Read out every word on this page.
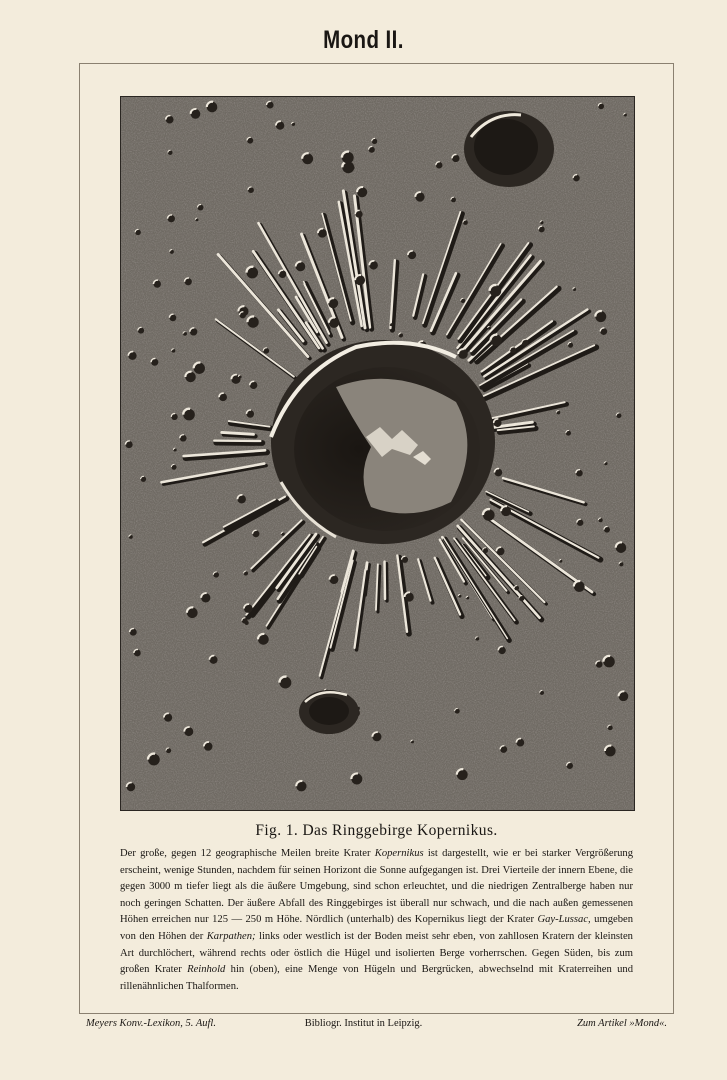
Mond II.
Fig. 1. Das Ringgebirge Kopernikus.

Der große, gegen 12 geographische Meilen breite Krater Kopernikus ist dargestellt, wie er bei starker Vergrößerung erscheint, wenige Stunden, nachdem für seinen Horizont die Sonne aufgegangen ist. Drei Vierteile der innern Ebene, die gegen 3000 m tiefer liegt als die äußere Umgebung, sind schon erleuchtet, und die niedrigen Zentralberge haben nur noch geringen Schatten. Der äußere Abfall des Ringgebirges ist überall nur schwach, und die nach außen gemessenen Höhen erreichen nur 125 — 250 m Höhe. Nördlich (unterhalb) des Kopernikus liegt der Krater Gay-Lussac, umgeben von den Höhen der Karpathen; links oder westlich ist der Boden meist sehr eben, von zahllosen Kratern der kleinsten Art durchlöchert, während rechts oder östlich die Hügel und isolierten Berge vorherrschen. Gegen Süden, bis zum großen Krater Reinhold hin (oben), eine Menge von Hügeln und Bergrücken, abwechselnd mit Kraterreihen und rillenähnlichen Thalformen.

Meyers Konv.-Lexikon, 5. Aufl.	Bibliogr. Institut in Leipzig.	Zum Artikel »Mond«.
